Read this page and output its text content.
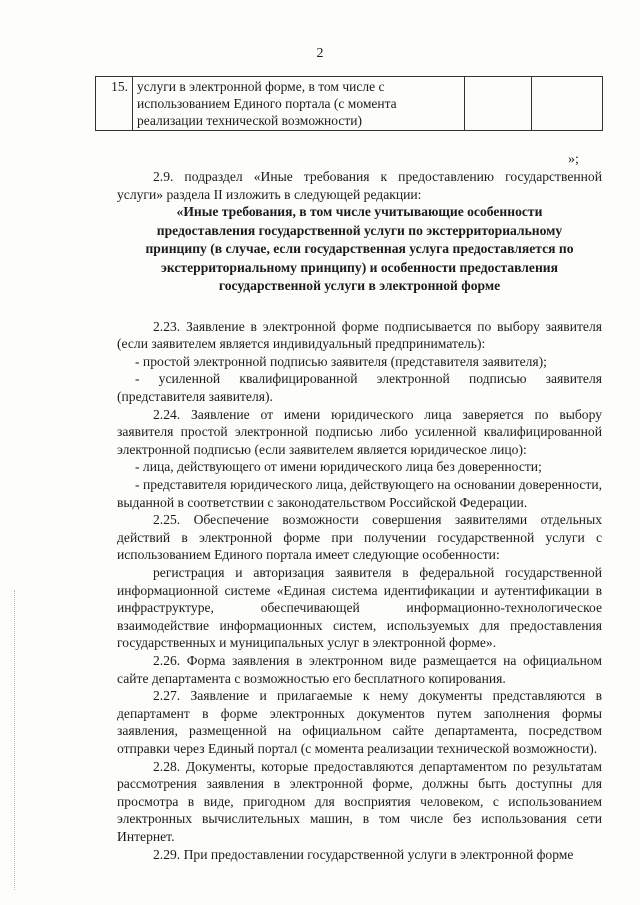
2
15.	услуги в электронной форме, в том числе с использованием Единого портала (с момента реализации технической возможности)		
»;

2.9. подраздел «Иные требования к предоставлению государственной услуги» раздела II изложить в следующей редакции:

«Иные требования, в том числе учитывающие особенности предоставления государственной услуги по экстерриториальному принципу (в случае, если государственная услуга предоставляется по экстерриториальному принципу) и особенности предоставления государственной услуги в электронной форме

2.23. Заявление в электронной форме подписывается по выбору заявителя (если заявителем является индивидуальный предприниматель):

- простой электронной подписью заявителя (представителя заявителя);

- усиленной квалифицированной электронной подписью заявителя (представителя заявителя).

2.24. Заявление от имени юридического лица заверяется по выбору заявителя простой электронной подписью либо усиленной квалифицированной электронной подписью (если заявителем является юридическое лицо):

- лица, действующего от имени юридического лица без доверенности;

- представителя юридического лица, действующего на основании доверенности, выданной в соответствии с законодательством Российской Федерации.

2.25. Обеспечение возможности совершения заявителями отдельных действий в электронной форме при получении государственной услуги с использованием Единого портала имеет следующие особенности:

регистрация и авторизация заявителя в федеральной государственной информационной системе «Единая система идентификации и аутентификации в инфраструктуре, обеспечивающей информационно-технологическое взаимодействие информационных систем, используемых для предоставления государственных и муниципальных услуг в электронной форме».

2.26. Форма заявления в электронном виде размещается на официальном сайте департамента с возможностью его бесплатного копирования.

2.27. Заявление и прилагаемые к нему документы представляются в департамент в форме электронных документов путем заполнения формы заявления, размещенной на официальном сайте департамента, посредством отправки через Единый портал (с момента реализации технической возможности).

2.28. Документы, которые предоставляются департаментом по результатам рассмотрения заявления в электронной форме, должны быть доступны для просмотра в виде, пригодном для восприятия человеком, с использованием электронных вычислительных машин, в том числе без использования сети Интернет.

2.29. При предоставлении государственной услуги в электронной форме
